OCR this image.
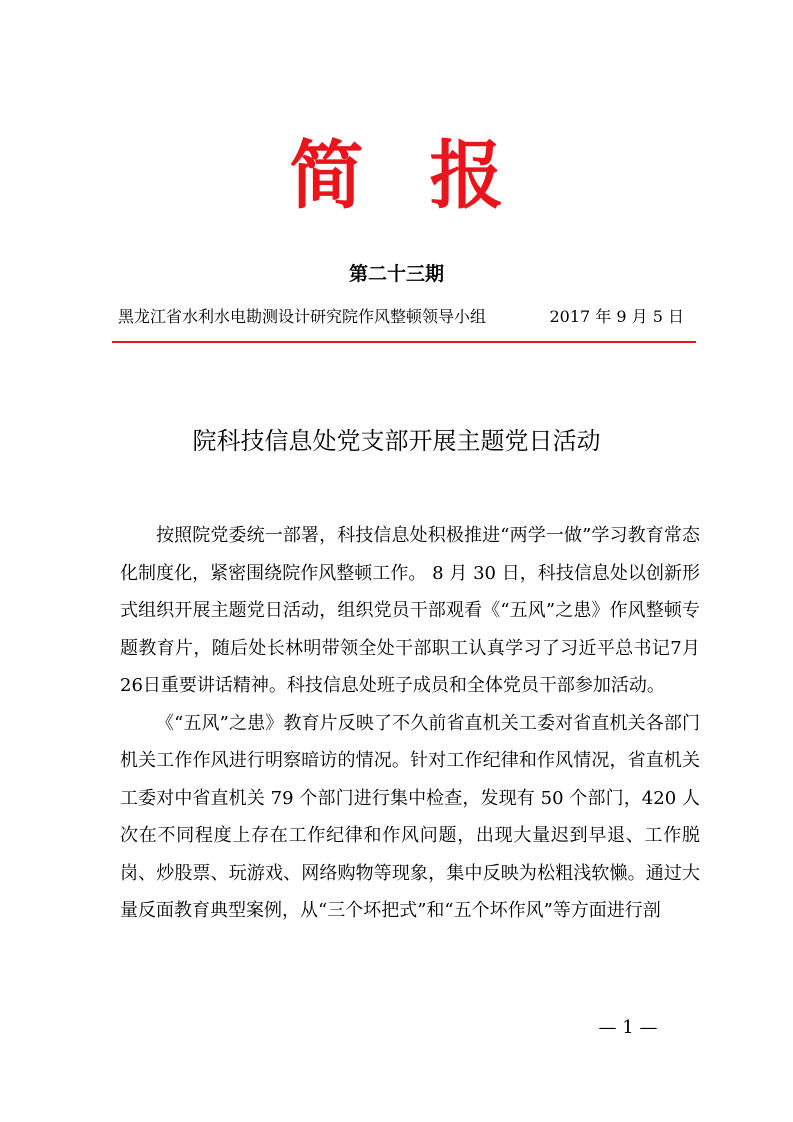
简报
第二十三期
黑龙江省水利水电勘测设计研究院作风整顿领导小组	2017 年 9 月 5 日
院科技信息处党支部开展主题党日活动

按照院党委统一部署，科技信息处积极推进“两学一做”学习教育常态化制度化，紧密围绕院作风整顿工作。 8 月 30 日，科技信息处以创新形式组织开展主题党日活动，组织党员干部观看《“五风”之患》作风整顿专题教育片，随后处长林明带领全处干部职工认真学习了习近平总书记7月26日重要讲话精神。科技信息处班子成员和全体党员干部参加活动。

《“五风”之患》教育片反映了不久前省直机关工委对省直机关各部门机关工作作风进行明察暗访的情况。针对工作纪律和作风情况，省直机关工委对中省直机关 79 个部门进行集中检查，发现有 50 个部门，420 人次在不同程度上存在工作纪律和作风问题，出现大量迟到早退、工作脱岗、炒股票、玩游戏、网络购物等现象，集中反映为松粗浅软懒。通过大量反面教育典型案例，从“三个坏把式”和“五个坏作风”等方面进行剖

— 1 —
